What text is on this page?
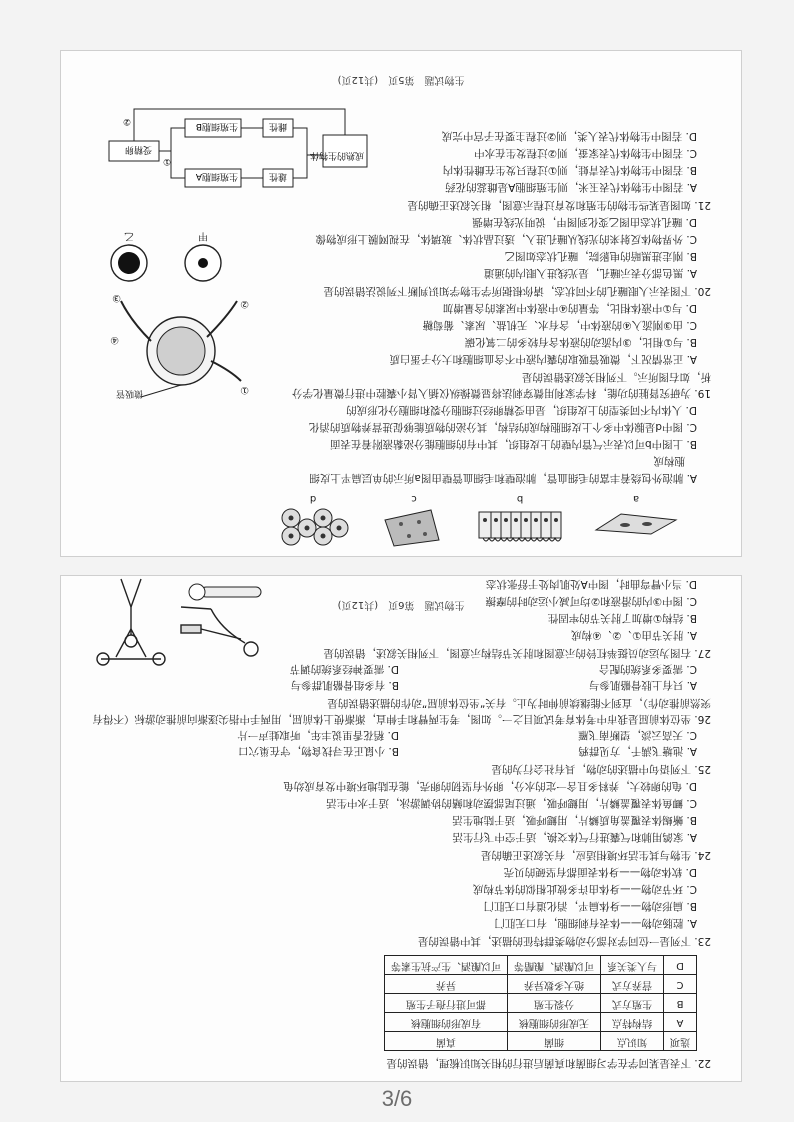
a
b
c
d

A. 肺泡外包绕着丰富的毛细血管，肺泡壁和毛细血管壁由图a所示的单层扁平上皮细

胞构成

B. 上图中b可以表示气管内壁的上皮组织，其中有的细胞能分泌黏液附着在表面

C. 图中d是腺体中多个上皮细胞构成的结构，其分泌的物质能够促进营养物质的消化

D. 人体内不同类型的上皮组织，是由受精卵经过细胞分裂和细胞分化形成的

19. 为研究肾脏的功能，科学家利用微穿刺法将显微操纵仪插入肾小囊腔中进行微量化学分析，如右图所示。下列相关叙述错误的是

A. 正常情况下，微吸管吸取的囊内液中不含血细胞和大分子蛋白质

B. 与①相比，③内流动的液体含有较多的二氧化碳

C. 由③刚流入④的液体中，含有水、无机盐、尿素、葡萄糖

D. 与①中液体相比，等量的④中液体中尿素的含量增加

20. 下图表示人眼瞳孔的不同状态，请你根据所学生物学知识判断下列说法错误的是

A. 黑色部分表示瞳孔，是光线进入眼内的通道

B. 刚走进黑暗的电影院，瞳孔状态如图乙

C. 外界物体反射来的光线从瞳孔进入，透过晶状体、玻璃体，在视网膜上形成物像

D. 瞳孔状态由图乙变化到图甲，说明光线在增强

①
②
③
④
微吸管
甲
乙

21. 如图是某些生物的生殖和发育过程示意图，相关叙述正确的是

A. 若图中生物体代表玉米，则生殖细胞A是雌蕊的花药

B. 若图中生物体代表青蛙，则①过程只发生在雌性体内

C. 若图中生物体代表家蚕，则②过程发生在水中

D. 若图中生物体代表人类，则②过程主要在子宫中完成

成熟的生物体
雄性
雌性
生殖细胞A
生殖细胞B
受精卵
①
②
生物试题　第5页　(共12页)

22. 下表是某同学在学习细菌和真菌后进行的相关知识梳理，错误的是

选项	知识点	细菌	真菌
A	结构特点	无成形的细胞核	有成形的细胞核
B	生殖方式	分裂生殖	都可进行孢子生殖
C	营养方式	绝大多数异养	异养
D	与人类关系	可以酿酒、酿醋等	可以酿酒、生产抗生素等

23. 下列是一位同学对部分动物类群特征的描述，其中错误的是

A. 腔肠动物——体表有刺细胞，有口无肛门

B. 扁形动物——身体扁平，消化道有口无肛门

C. 环节动物——身体由许多彼此相似的体节构成

D. 软体动物——身体表面都有坚硬的贝壳

24. 生物与其生活环境相适应，有关叙述正确的是

A. 家鸽用肺和气囊进行气体交换，适于空中飞行生活

B. 蜥蜴体表覆盖角质鳞片，用鳃呼吸，适于陆地生活

C. 鲫鱼体表覆盖鳞片，用鳃呼吸，通过尾部摆动和鳍的协调游泳，适于水中生活

D. 龟的卵较大，养料多且含一定的水分，卵外有坚韧的卵壳，能在陆地环境中发育成幼龟

25. 下列语句中描述的动物，具有社会行为的是

A. 池塘飞满千，方见群鸦
B. 小鼠正在寻找食物，守在巢穴口
C. 天高云淡，望断南飞雁
D. 稻花香里说丰年，听取蛙声一片

26. 坐位体前屈是我市中考体育考试项目之一。如图，考生两臂和手伸直，渐渐使上体前屈，用两手中指尖逐渐向前推动游标（不得有突然前推动作），直到不能继续前伸时为止。有关“坐位体前屈”动作的描述错误的是

A. 只有上肢骨骼肌参与
B. 有多组骨骼肌群参与
C. 需要多系统的配合
D. 需要神经系统的调节

27. 右图为运动员挺举杠铃的示意图和肘关节结构示意图，下列相关叙述，错误的是

A. 肘关节由①、②、④构成

B. 结构①增加了肘关节的牢固性

C. 图中③内的滑液和②均可减小运动时的摩擦

D. 当小臂弯曲时，图中A处肌肉处于舒张状态

生物试题　第6页　(共12页)
3/6
